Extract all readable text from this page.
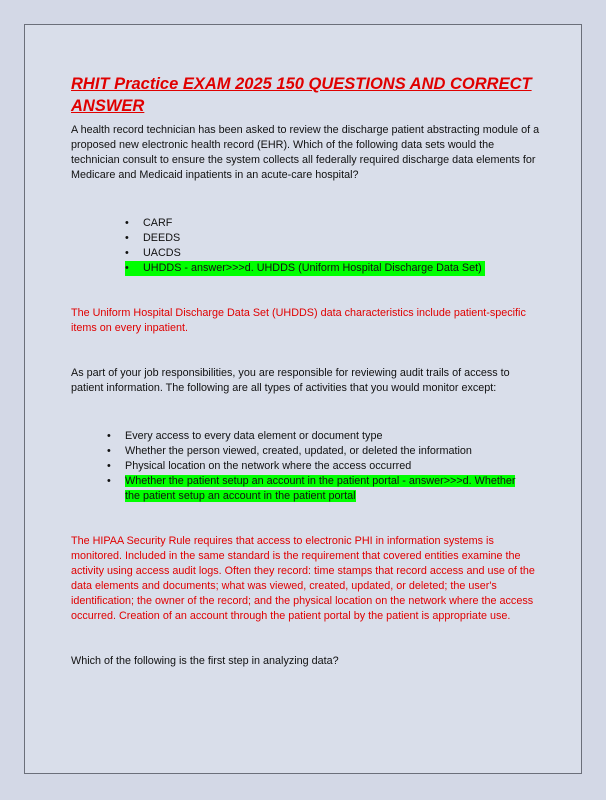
RHIT Practice EXAM 2025 150 QUESTIONS AND CORRECT ANSWER

A health record technician has been asked to review the discharge patient abstracting module of a proposed new electronic health record (EHR). Which of the following data sets would the technician consult to ensure the system collects all federally required discharge data elements for Medicare and Medicaid inpatients in an acute-care hospital?

• CARF
• DEEDS
• UACDS
• UHDDS - answer>>>d. UHDDS (Uniform Hospital Discharge Data Set)

The Uniform Hospital Discharge Data Set (UHDDS) data characteristics include patient-specific items on every inpatient.

As part of your job responsibilities, you are responsible for reviewing audit trails of access to patient information. The following are all types of activities that you would monitor except:

• Every access to every data element or document type
• Whether the person viewed, created, updated, or deleted the information
• Physical location on the network where the access occurred
• Whether the patient setup an account in the patient portal - answer>>>d. Whether the patient setup an account in the patient portal

The HIPAA Security Rule requires that access to electronic PHI in information systems is monitored. Included in the same standard is the requirement that covered entities examine the activity using access audit logs. Often they record: time stamps that record access and use of the data elements and documents; what was viewed, created, updated, or deleted; the user's identification; the owner of the record; and the physical location on the network where the access occurred. Creation of an account through the patient portal by the patient is appropriate use.

Which of the following is the first step in analyzing data?
